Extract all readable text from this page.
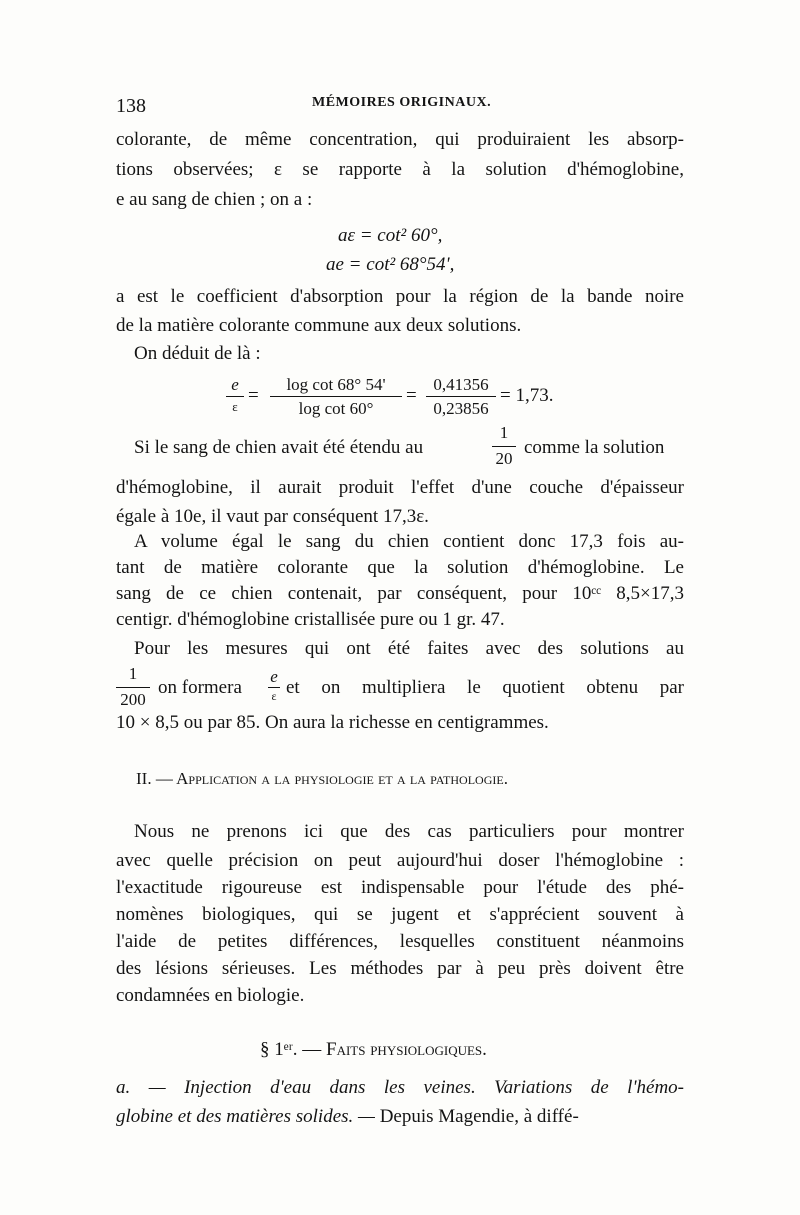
138	MÉMOIRES ORIGINAUX.
colorante, de même concentration, qui produiraient les absorp-
tions observées; ε se rapporte à la solution d'hémoglobine,
e au sang de chien ; on a :
aε = cot² 60°,
ae = cot² 68°54',
a est le coefficient d'absorption pour la région de la bande noire
de la matière colorante commune aux deux solutions.
On déduit de là :
e
ε
=
log cot 68° 54'
log cot 60°
=
0,41356
0,23856
= 1,73.
Si le sang de chien avait été étendu au
1
20
comme la solution
d'hémoglobine, il aurait produit l'effet d'une couche d'épaisseur
égale à 10e, il vaut par conséquent 17,3ε.
A volume égal le sang du chien contient donc 17,3 fois au-
tant de matière colorante que la solution d'hémoglobine. Le
sang de ce chien contenait, par conséquent, pour 10ᶜᶜ 8,5×17,3
centigr. d'hémoglobine cristallisée pure ou 1 gr. 47.
Pour les mesures qui ont été faites avec des solutions au
1
200
on formera
e
ε et on multipliera le quotient obtenu par
10 × 8,5 ou par 85. On aura la richesse en centigrammes.
II. — Application a la physiologie et a la pathologie.
Nous ne prenons ici que des cas particuliers pour montrer
avec quelle précision on peut aujourd'hui doser l'hémoglobine :
l'exactitude rigoureuse est indispensable pour l'étude des phé-
nomènes biologiques, qui se jugent et s'apprécient souvent à
l'aide de petites différences, lesquelles constituent néanmoins
des lésions sérieuses. Les méthodes par à peu près doivent être
condamnées en biologie.
§ 1ᵉʳ. — Faits physiologiques.
a. — Injection d'eau dans les veines. Variations de l'hémo-
globine et des matières solides. — Depuis Magendie, à diffé-
